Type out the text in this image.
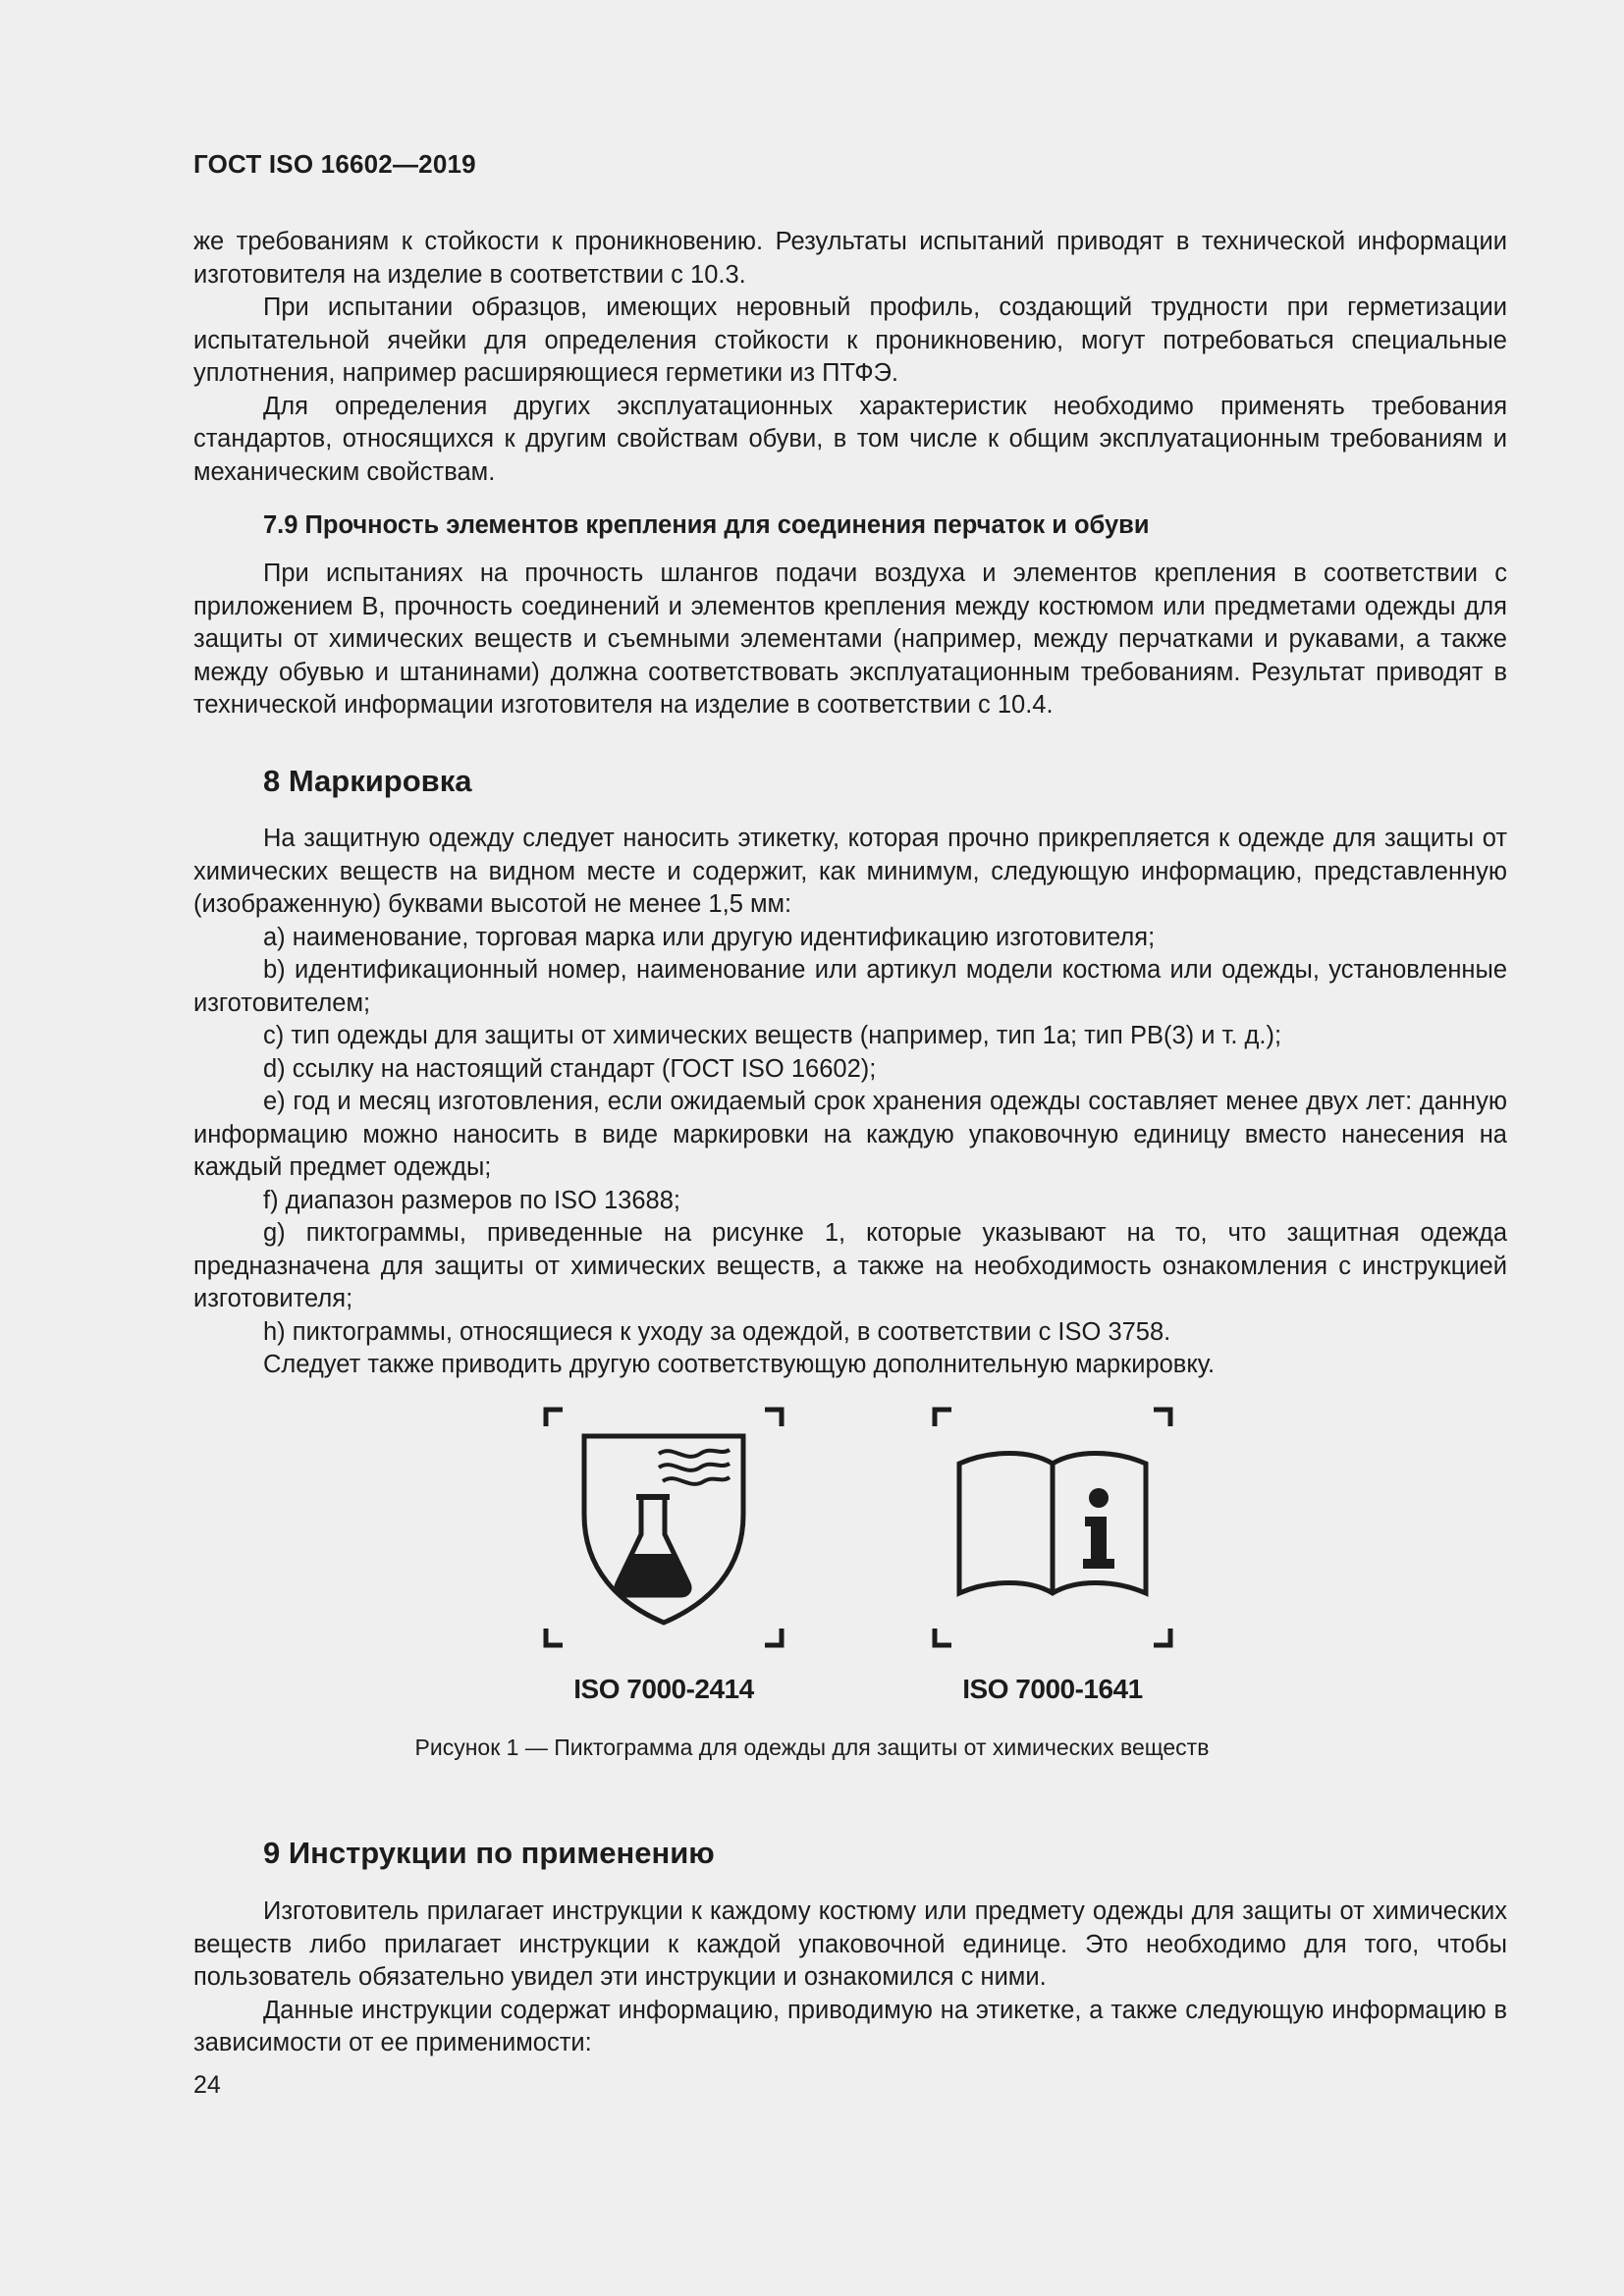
ГОСТ ISO 16602—2019

же требованиям к стойкости к проникновению. Результаты испытаний приводят в технической информации изготовителя на изделие в соответствии с 10.3.

При испытании образцов, имеющих неровный профиль, создающий трудности при герметизации испытательной ячейки для определения стойкости к проникновению, могут потребоваться специальные уплотнения, например расширяющиеся герметики из ПТФЭ.

Для определения других эксплуатационных характеристик необходимо применять требования стандартов, относящихся к другим свойствам обуви, в том числе к общим эксплуатационным требованиям и механическим свойствам.

7.9 Прочность элементов крепления для соединения перчаток и обуви

При испытаниях на прочность шлангов подачи воздуха и элементов крепления в соответствии с приложением В, прочность соединений и элементов крепления между костюмом или предметами одежды для защиты от химических веществ и съемными элементами (например, между перчатками и рукавами, а также между обувью и штанинами) должна соответствовать эксплуатационным требованиям. Результат приводят в технической информации изготовителя на изделие в соответствии с 10.4.

8 Маркировка

На защитную одежду следует наносить этикетку, которая прочно прикрепляется к одежде для защиты от химических веществ на видном месте и содержит, как минимум, следующую информацию, представленную (изображенную) буквами высотой не менее 1,5 мм:

а) наименование, торговая марка или другую идентификацию изготовителя;

b) идентификационный номер, наименование или артикул модели костюма или одежды, установленные изготовителем;

c) тип одежды для защиты от химических веществ (например, тип 1а; тип PB(3) и т. д.);

d) ссылку на настоящий стандарт (ГОСТ ISO 16602);

e) год и месяц изготовления, если ожидаемый срок хранения одежды составляет менее двух лет: данную информацию можно наносить в виде маркировки на каждую упаковочную единицу вместо нанесения на каждый предмет одежды;

f) диапазон размеров по ISO 13688;

g) пиктограммы, приведенные на рисунке 1, которые указывают на то, что защитная одежда предназначена для защиты от химических веществ, а также на необходимость ознакомления с инструкцией изготовителя;

h) пиктограммы, относящиеся к уходу за одеждой, в соответствии с ISO 3758.

Следует также приводить другую соответствующую дополнительную маркировку.

ISO 7000-2414	ISO 7000-1641
Рисунок 1 — Пиктограмма для одежды для защиты от химических веществ
9 Инструкции по применению

Изготовитель прилагает инструкции к каждому костюму или предмету одежды для защиты от химических веществ либо прилагает инструкции к каждой упаковочной единице. Это необходимо для того, чтобы пользователь обязательно увидел эти инструкции и ознакомился с ними.

Данные инструкции содержат информацию, приводимую на этикетке, а также следующую информацию в зависимости от ее применимости:

24
